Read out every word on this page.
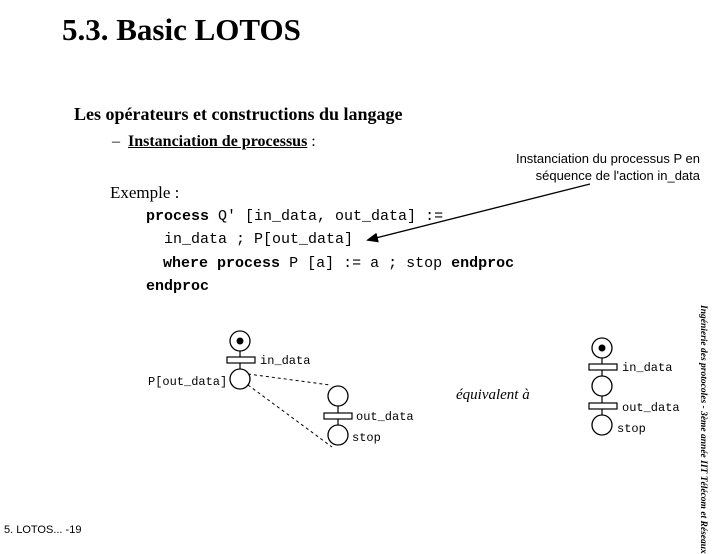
5.3. Basic LOTOS
Les opérateurs et constructions du langage
– Instanciation de processus :
Instanciation du processus P en séquence de l'action in_data
Exemple :
process Q' [in_data, out_data] :=
in_data ; P[out_data]
where process P [a] := a ; stop endproc
endproc
in_data
P[out_data]
out_data
stop
équivalent à
in_data
out_data
stop
5. LOTOS... -19	Ingénierie des protocoles - 3ème année IIT Télécom et Réseaux
